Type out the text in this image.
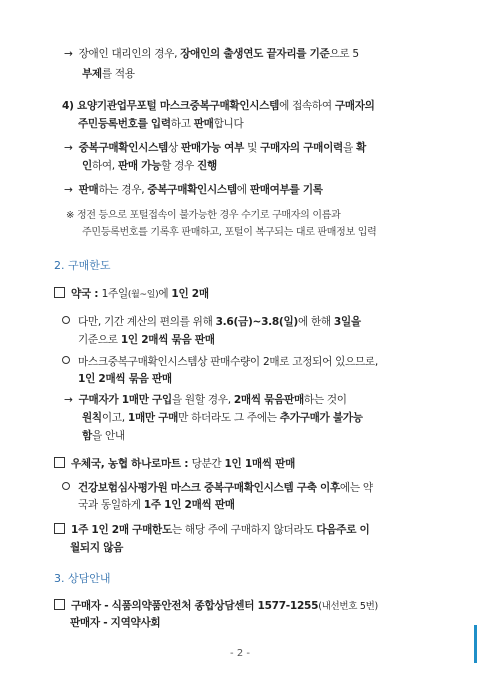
→ 장애인 대리인의 경우, 장애인의 출생연도 끝자리를 기준으로 5
부제를 적용
4) 요양기관업무포털 마스크중복구매확인시스템에 접속하여 구매자의
주민등록번호를 입력하고 판매합니다
→ 중복구매확인시스템상 판매가능 여부 및 구매자의 구매이력을 확
인하여, 판매 가능할 경우 진행
→ 판매하는 경우, 중복구매확인시스템에 판매여부를 기록
※ 정전 등으로 포털접속이 불가능한 경우 수기로 구매자의 이름과
주민등록번호를 기록후 판매하고, 포털이 복구되는 대로 판매정보 입력
2. 구매한도
약국 : 1주일(월~일)에 1인 2매
다만, 기간 계산의 편의를 위해 3.6(금)~3.8(일)에 한해 3일을
기준으로 1인 2매씩 묶음 판매
마스크중복구매확인시스템상 판매수량이 2매로 고정되어 있으므로,
1인 2매씩 묶음 판매
→ 구매자가 1매만 구입을 원할 경우, 2매씩 묶음판매하는 것이
원칙이고, 1매만 구매만 하더라도 그 주에는 추가구매가 불가능
함을 안내
우체국, 농협 하나로마트 : 당분간 1인 1매씩 판매
건강보험심사평가원 마스크 중복구매확인시스템 구축 이후에는 약
국과 동일하게 1주 1인 2매씩 판매
1주 1인 2매 구매한도는 해당 주에 구매하지 않더라도 다음주로 이
월되지 않음
3. 상담안내
구매자 - 식품의약품안전처 종합상담센터 1577-1255(내선번호 5번)
판매자 - 지역약사회
- 2 -
